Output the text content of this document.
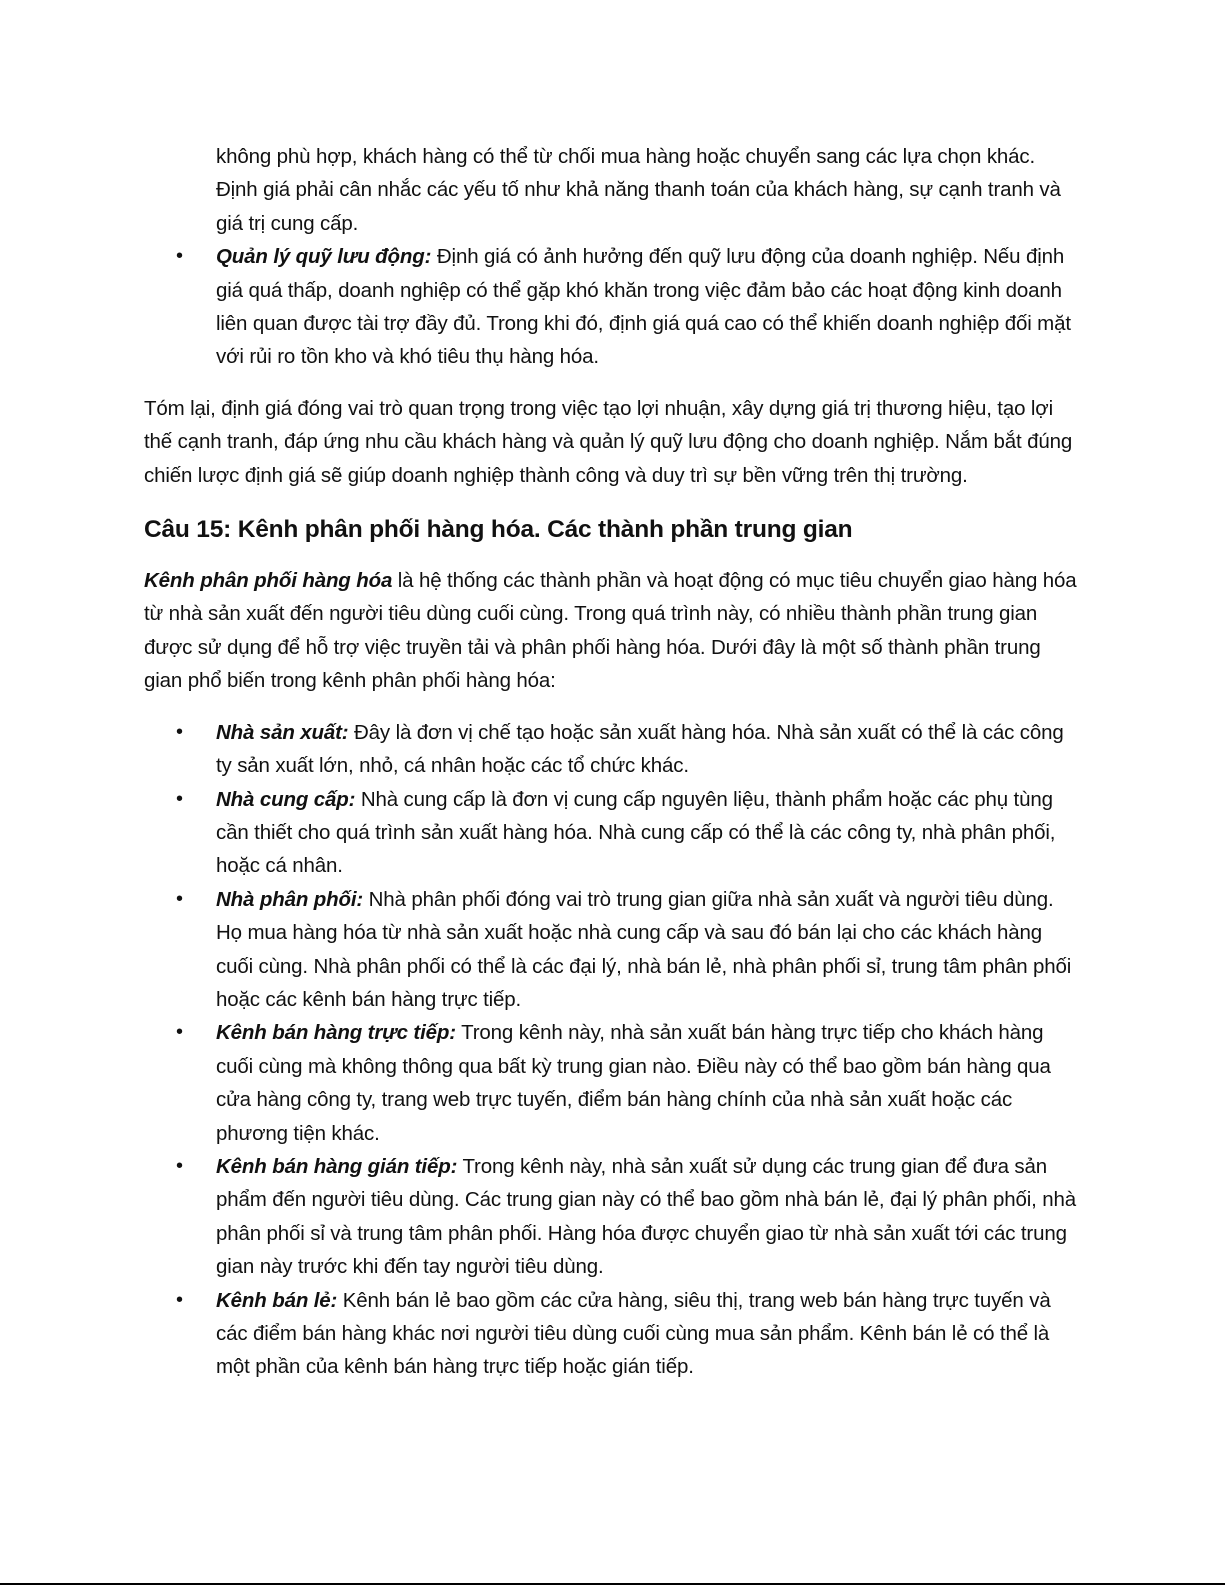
không phù hợp, khách hàng có thể từ chối mua hàng hoặc chuyển sang các lựa chọn khác. Định giá phải cân nhắc các yếu tố như khả năng thanh toán của khách hàng, sự cạnh tranh và giá trị cung cấp.
• Quản lý quỹ lưu động: Định giá có ảnh hưởng đến quỹ lưu động của doanh nghiệp. Nếu định giá quá thấp, doanh nghiệp có thể gặp khó khăn trong việc đảm bảo các hoạt động kinh doanh liên quan được tài trợ đầy đủ. Trong khi đó, định giá quá cao có thể khiến doanh nghiệp đối mặt với rủi ro tồn kho và khó tiêu thụ hàng hóa.

Tóm lại, định giá đóng vai trò quan trọng trong việc tạo lợi nhuận, xây dựng giá trị thương hiệu, tạo lợi thế cạnh tranh, đáp ứng nhu cầu khách hàng và quản lý quỹ lưu động cho doanh nghiệp. Nắm bắt đúng chiến lược định giá sẽ giúp doanh nghiệp thành công và duy trì sự bền vững trên thị trường.

Câu 15: Kênh phân phối hàng hóa. Các thành phần trung gian

Kênh phân phối hàng hóa là hệ thống các thành phần và hoạt động có mục tiêu chuyển giao hàng hóa từ nhà sản xuất đến người tiêu dùng cuối cùng. Trong quá trình này, có nhiều thành phần trung gian được sử dụng để hỗ trợ việc truyền tải và phân phối hàng hóa. Dưới đây là một số thành phần trung gian phổ biến trong kênh phân phối hàng hóa:

• Nhà sản xuất: Đây là đơn vị chế tạo hoặc sản xuất hàng hóa. Nhà sản xuất có thể là các công ty sản xuất lớn, nhỏ, cá nhân hoặc các tổ chức khác.
• Nhà cung cấp: Nhà cung cấp là đơn vị cung cấp nguyên liệu, thành phẩm hoặc các phụ tùng cần thiết cho quá trình sản xuất hàng hóa. Nhà cung cấp có thể là các công ty, nhà phân phối, hoặc cá nhân.
• Nhà phân phối: Nhà phân phối đóng vai trò trung gian giữa nhà sản xuất và người tiêu dùng. Họ mua hàng hóa từ nhà sản xuất hoặc nhà cung cấp và sau đó bán lại cho các khách hàng cuối cùng. Nhà phân phối có thể là các đại lý, nhà bán lẻ, nhà phân phối sỉ, trung tâm phân phối hoặc các kênh bán hàng trực tiếp.
• Kênh bán hàng trực tiếp: Trong kênh này, nhà sản xuất bán hàng trực tiếp cho khách hàng cuối cùng mà không thông qua bất kỳ trung gian nào. Điều này có thể bao gồm bán hàng qua cửa hàng công ty, trang web trực tuyến, điểm bán hàng chính của nhà sản xuất hoặc các phương tiện khác.
• Kênh bán hàng gián tiếp: Trong kênh này, nhà sản xuất sử dụng các trung gian để đưa sản phẩm đến người tiêu dùng. Các trung gian này có thể bao gồm nhà bán lẻ, đại lý phân phối, nhà phân phối sỉ và trung tâm phân phối. Hàng hóa được chuyển giao từ nhà sản xuất tới các trung gian này trước khi đến tay người tiêu dùng.
• Kênh bán lẻ: Kênh bán lẻ bao gồm các cửa hàng, siêu thị, trang web bán hàng trực tuyến và các điểm bán hàng khác nơi người tiêu dùng cuối cùng mua sản phẩm. Kênh bán lẻ có thể là một phần của kênh bán hàng trực tiếp hoặc gián tiếp.
